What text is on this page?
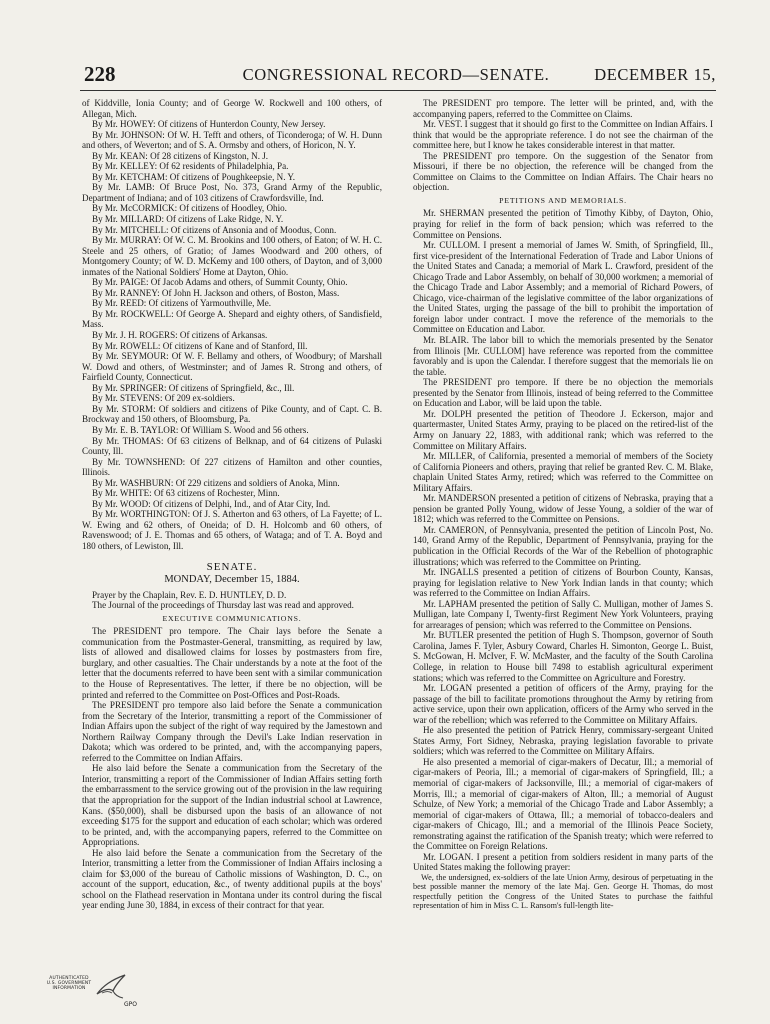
228	CONGRESSIONAL RECORD—SENATE.	DECEMBER 15,

of Kiddville, Ionia County; and of George W. Rockwell and 100 others, of Allegan, Mich.

By Mr. HOWEY: Of citizens of Hunterdon County, New Jersey.

By Mr. JOHNSON: Of W. H. Tefft and others, of Ticonderoga; of W. H. Dunn and others, of Weverton; and of S. A. Ormsby and others, of Horicon, N. Y.

By Mr. KEAN: Of 28 citizens of Kingston, N. J.

By Mr. KELLEY: Of 62 residents of Philadelphia, Pa.

By Mr. KETCHAM: Of citizens of Poughkeepsie, N. Y.

By Mr. LAMB: Of Bruce Post, No. 373, Grand Army of the Republic, Department of Indiana; and of 103 citizens of Crawfordsville, Ind.

By Mr. McCORMICK: Of citizens of Hoodley, Ohio.

By Mr. MILLARD: Of citizens of Lake Ridge, N. Y.

By Mr. MITCHELL: Of citizens of Ansonia and of Moodus, Conn.

By Mr. MURRAY: Of W. C. M. Brookins and 100 others, of Eaton; of W. H. C. Steele and 25 others, of Gratio; of James Woodward and 200 others, of Montgomery County; of W. D. McKemy and 100 others, of Dayton, and of 3,000 inmates of the National Soldiers' Home at Dayton, Ohio.

By Mr. PAIGE: Of Jacob Adams and others, of Summit County, Ohio.

By Mr. RANNEY: Of John H. Jackson and others, of Boston, Mass.

By Mr. REED: Of citizens of Yarmouthville, Me.

By Mr. ROCKWELL: Of George A. Shepard and eighty others, of Sandisfield, Mass.

By Mr. J. H. ROGERS: Of citizens of Arkansas.

By Mr. ROWELL: Of citizens of Kane and of Stanford, Ill.

By Mr. SEYMOUR: Of W. F. Bellamy and others, of Woodbury; of Marshall W. Dowd and others, of Westminster; and of James R. Strong and others, of Fairfield County, Connecticut.

By Mr. SPRINGER: Of citizens of Springfield, &c., Ill.

By Mr. STEVENS: Of 209 ex-soldiers.

By Mr. STORM: Of soldiers and citizens of Pike County, and of Capt. C. B. Brockway and 150 others, of Bloomsburg, Pa.

By Mr. E. B. TAYLOR: Of William S. Wood and 56 others.

By Mr. THOMAS: Of 63 citizens of Belknap, and of 64 citizens of Pulaski County, Ill.

By Mr. TOWNSHEND: Of 227 citizens of Hamilton and other counties, Illinois.

By Mr. WASHBURN: Of 229 citizens and soldiers of Anoka, Minn.

By Mr. WHITE: Of 63 citizens of Rochester, Minn.

By Mr. WOOD: Of citizens of Delphi, Ind., and of Atar City, Ind.

By Mr. WORTHINGTON: Of J. S. Atherton and 63 others, of La Fayette; of L. W. Ewing and 62 others, of Oneida; of D. H. Holcomb and 60 others, of Ravenswood; of J. E. Thomas and 65 others, of Wataga; and of T. A. Boyd and 180 others, of Lewiston, Ill.

SENATE.
MONDAY, December 15, 1884.

Prayer by the Chaplain, Rev. E. D. HUNTLEY, D. D.

The Journal of the proceedings of Thursday last was read and approved.

EXECUTIVE COMMUNICATIONS.

The PRESIDENT pro tempore. The Chair lays before the Senate a communication from the Postmaster-General, transmitting, as required by law, lists of allowed and disallowed claims for losses by postmasters from fire, burglary, and other casualties. The Chair understands by a note at the foot of the letter that the documents referred to have been sent with a similar communication to the House of Representatives. The letter, if there be no objection, will be printed and referred to the Committee on Post-Offices and Post-Roads.

The PRESIDENT pro tempore also laid before the Senate a communication from the Secretary of the Interior, transmitting a report of the Commissioner of Indian Affairs upon the subject of the right of way required by the Jamestown and Northern Railway Company through the Devil's Lake Indian reservation in Dakota; which was ordered to be printed, and, with the accompanying papers, referred to the Committee on Indian Affairs.

He also laid before the Senate a communication from the Secretary of the Interior, transmitting a report of the Commissioner of Indian Affairs setting forth the embarrassment to the service growing out of the provision in the law requiring that the appropriation for the support of the Indian industrial school at Lawrence, Kans. ($50,000), shall be disbursed upon the basis of an allowance of not exceeding $175 for the support and education of each scholar; which was ordered to be printed, and, with the accompanying papers, referred to the Committee on Appropriations.

He also laid before the Senate a communication from the Secretary of the Interior, transmitting a letter from the Commissioner of Indian Affairs inclosing a claim for $3,000 of the bureau of Catholic missions of Washington, D. C., on account of the support, education, &c., of twenty additional pupils at the boys' school on the Flathead reservation in Montana under its control during the fiscal year ending June 30, 1884, in excess of their contract for that year.

The PRESIDENT pro tempore. The letter will be printed, and, with the accompanying papers, referred to the Committee on Claims.

Mr. VEST. I suggest that it should go first to the Committee on Indian Affairs. I think that would be the appropriate reference. I do not see the chairman of the committee here, but I know he takes considerable interest in that matter.

The PRESIDENT pro tempore. On the suggestion of the Senator from Missouri, if there be no objection, the reference will be changed from the Committee on Claims to the Committee on Indian Affairs. The Chair hears no objection.

PETITIONS AND MEMORIALS.

Mr. SHERMAN presented the petition of Timothy Kibby, of Dayton, Ohio, praying for relief in the form of back pension; which was referred to the Committee on Pensions.

Mr. CULLOM. I present a memorial of James W. Smith, of Springfield, Ill., first vice-president of the International Federation of Trade and Labor Unions of the United States and Canada; a memorial of Mark L. Crawford, president of the Chicago Trade and Labor Assembly, on behalf of 30,000 workmen; a memorial of the Chicago Trade and Labor Assembly; and a memorial of Richard Powers, of Chicago, vice-chairman of the legislative committee of the labor organizations of the United States, urging the passage of the bill to prohibit the importation of foreign labor under contract. I move the reference of the memorials to the Committee on Education and Labor.

Mr. BLAIR. The labor bill to which the memorials presented by the Senator from Illinois [Mr. CULLOM] have reference was reported from the committee favorably and is upon the Calendar. I therefore suggest that the memorials lie on the table.

The PRESIDENT pro tempore. If there be no objection the memorials presented by the Senator from Illinois, instead of being referred to the Committee on Education and Labor, will be laid upon the table.

Mr. DOLPH presented the petition of Theodore J. Eckerson, major and quartermaster, United States Army, praying to be placed on the retired-list of the Army on January 22, 1883, with additional rank; which was referred to the Committee on Military Affairs.

Mr. MILLER, of California, presented a memorial of members of the Society of California Pioneers and others, praying that relief be granted Rev. C. M. Blake, chaplain United States Army, retired; which was referred to the Committee on Military Affairs.

Mr. MANDERSON presented a petition of citizens of Nebraska, praying that a pension be granted Polly Young, widow of Jesse Young, a soldier of the war of 1812; which was referred to the Committee on Pensions.

Mr. CAMERON, of Pennsylvania, presented the petition of Lincoln Post, No. 140, Grand Army of the Republic, Department of Pennsylvania, praying for the publication in the Official Records of the War of the Rebellion of photographic illustrations; which was referred to the Committee on Printing.

Mr. INGALLS presented a petition of citizens of Bourbon County, Kansas, praying for legislation relative to New York Indian lands in that county; which was referred to the Committee on Indian Affairs.

Mr. LAPHAM presented the petition of Sally C. Mulligan, mother of James S. Mulligan, late Company I, Twenty-first Regiment New York Volunteers, praying for arrearages of pension; which was referred to the Committee on Pensions.

Mr. BUTLER presented the petition of Hugh S. Thompson, governor of South Carolina, James F. Tyler, Asbury Coward, Charles H. Simonton, George L. Buist, S. McGowan, H. McIver, F. W. McMaster, and the faculty of the South Carolina College, in relation to House bill 7498 to establish agricultural experiment stations; which was referred to the Committee on Agriculture and Forestry.

Mr. LOGAN presented a petition of officers of the Army, praying for the passage of the bill to facilitate promotions throughout the Army by retiring from active service, upon their own application, officers of the Army who served in the war of the rebellion; which was referred to the Committee on Military Affairs.

He also presented the petition of Patrick Henry, commissary-sergeant United States Army, Fort Sidney, Nebraska, praying legislation favorable to private soldiers; which was referred to the Committee on Military Affairs.

He also presented a memorial of cigar-makers of Decatur, Ill.; a memorial of cigar-makers of Peoria, Ill.; a memorial of cigar-makers of Springfield, Ill.; a memorial of cigar-makers of Jacksonville, Ill.; a memorial of cigar-makers of Morris, Ill.; a memorial of cigar-makers of Alton, Ill.; a memorial of August Schulze, of New York; a memorial of the Chicago Trade and Labor Assembly; a memorial of cigar-makers of Ottawa, Ill.; a memorial of tobacco-dealers and cigar-makers of Chicago, Ill.; and a memorial of the Illinois Peace Society, remonstrating against the ratification of the Spanish treaty; which were referred to the Committee on Foreign Relations.

Mr. LOGAN. I present a petition from soldiers resident in many parts of the United States making the following prayer:

We, the undersigned, ex-soldiers of the late Union Army, desirous of perpetuating in the best possible manner the memory of the late Maj. Gen. George H. Thomas, do most respectfully petition the Congress of the United States to purchase the faithful representation of him in Miss C. L. Ransom's full-length lite-

AUTHENTICATED
U.S. GOVERNMENT
INFORMATION
GPO
